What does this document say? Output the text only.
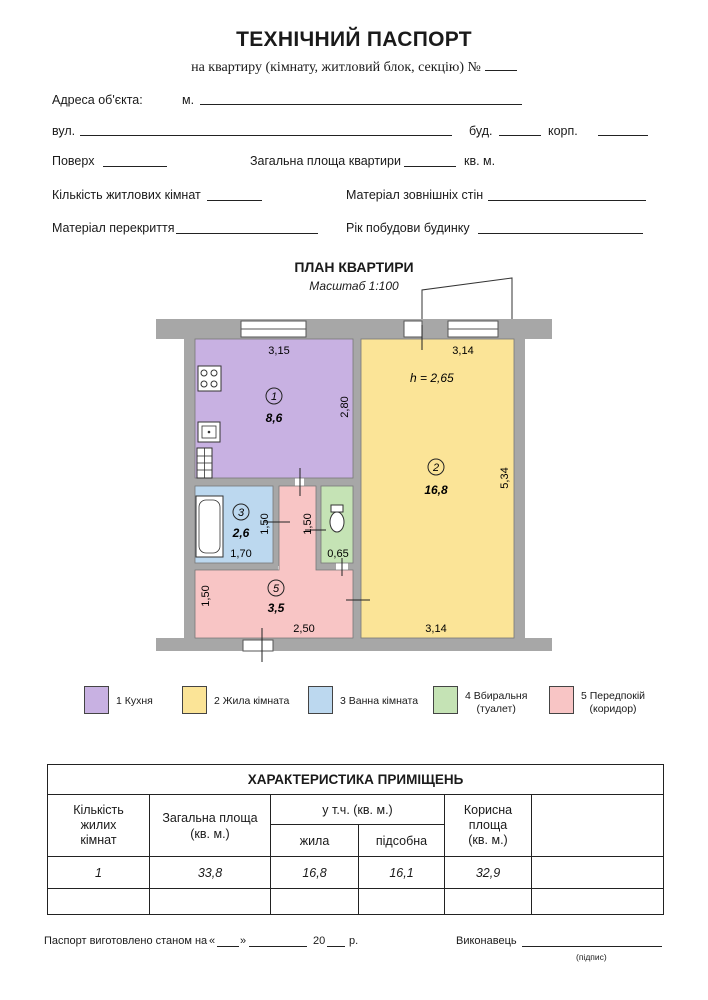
ТЕХНІЧНИЙ ПАСПОРТ
на квартиру (кімнату, житловий блок, секцію) №
Адреса об'єкта:	м.
вул.	буд.	корп.
Поверх	Загальна площа квартири	кв. м.
Кількість житлових кімнат	Матеріал зовнішніх стін
Матеріал перекриття	Рік побудови будинку
ПЛАН КВАРТИРИ
Масштаб 1:100
1
8,6
2
16,8
3
2,6
5
3,5
h = 2,65
3,15
2,80
3,14
3,14
5,34
1,50
1,70
1,50
0,65
1,50
2,50
1 Кухня	2 Жила кімната	3 Ванна кімната	4 Вбиральня
(туалет)
5 Передпокій
(коридор)
ХАРАКТЕРИСТИКА ПРИМІЩЕНЬ					
Кількість
жилих
кімнат	Загальна площа
(кв. м.)	у т.ч. (кв. м.)		Корисна
площа
(кв. м.)	
		жила	підсобна		
1	33,8	16,8	16,1	32,9	

Паспорт виготовлено станом на « »	20 р.	Виконавець
(підпис)
